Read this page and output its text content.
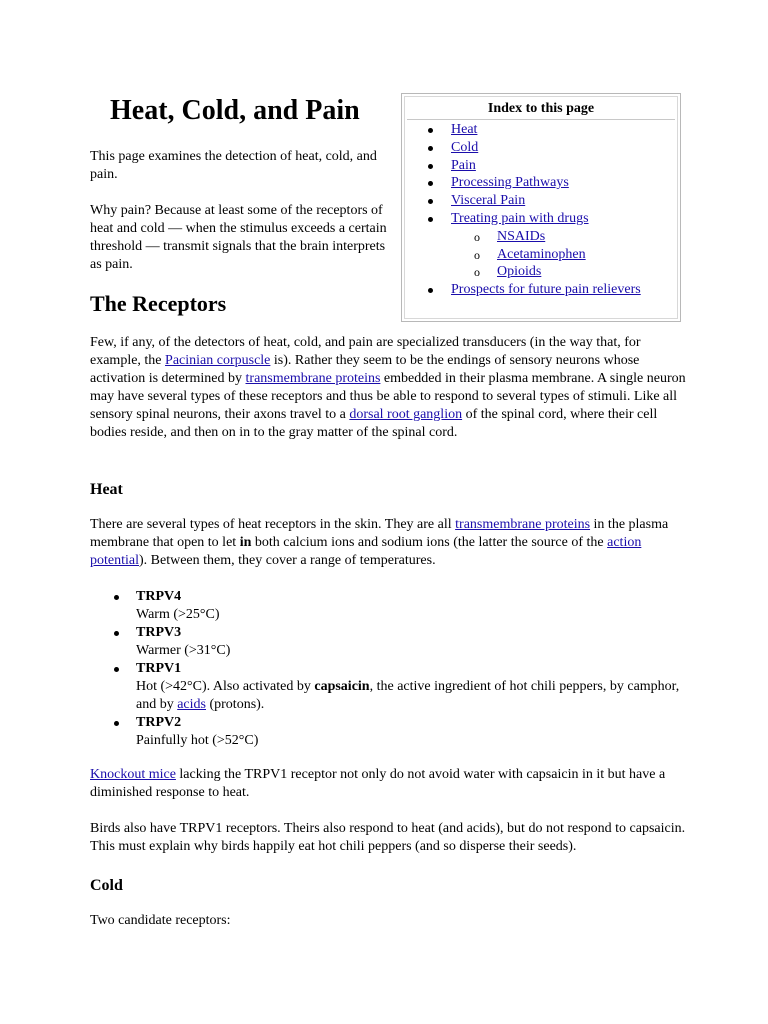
Heat, Cold, and Pain
This page examines the detection of heat, cold, and pain.
Why pain? Because at least some of the receptors of heat and cold — when the stimulus exceeds a certain threshold — transmit signals that the brain interprets as pain.
The Receptors
Index to this page
Heat
Cold
Pain
Processing Pathways
Visceral Pain
Treating pain with drugs
o NSAIDs
o Acetaminophen
o Opioids
Prospects for future pain relievers
Few, if any, of the detectors of heat, cold, and pain are specialized transducers (in the way that, for example, the Pacinian corpuscle is). Rather they seem to be the endings of sensory neurons whose activation is determined by transmembrane proteins embedded in their plasma membrane. A single neuron may have several types of these receptors and thus be able to respond to several types of stimuli. Like all sensory spinal neurons, their axons travel to a dorsal root ganglion of the spinal cord, where their cell bodies reside, and then on in to the gray matter of the spinal cord.
Heat
There are several types of heat receptors in the skin. They are all transmembrane proteins in the plasma membrane that open to let in both calcium ions and sodium ions (the latter the source of the action potential). Between them, they cover a range of temperatures.
TRPV4
Warm (>25°C)
TRPV3
Warmer (>31°C)
TRPV1
Hot (>42°C). Also activated by capsaicin, the active ingredient of hot chili peppers, by camphor, and by acids (protons).
TRPV2
Painfully hot (>52°C)
Knockout mice lacking the TRPV1 receptor not only do not avoid water with capsaicin in it but have a diminished response to heat.
Birds also have TRPV1 receptors. Theirs also respond to heat (and acids), but do not respond to capsaicin. This must explain why birds happily eat hot chili peppers (and so disperse their seeds).
Cold
Two candidate receptors:
